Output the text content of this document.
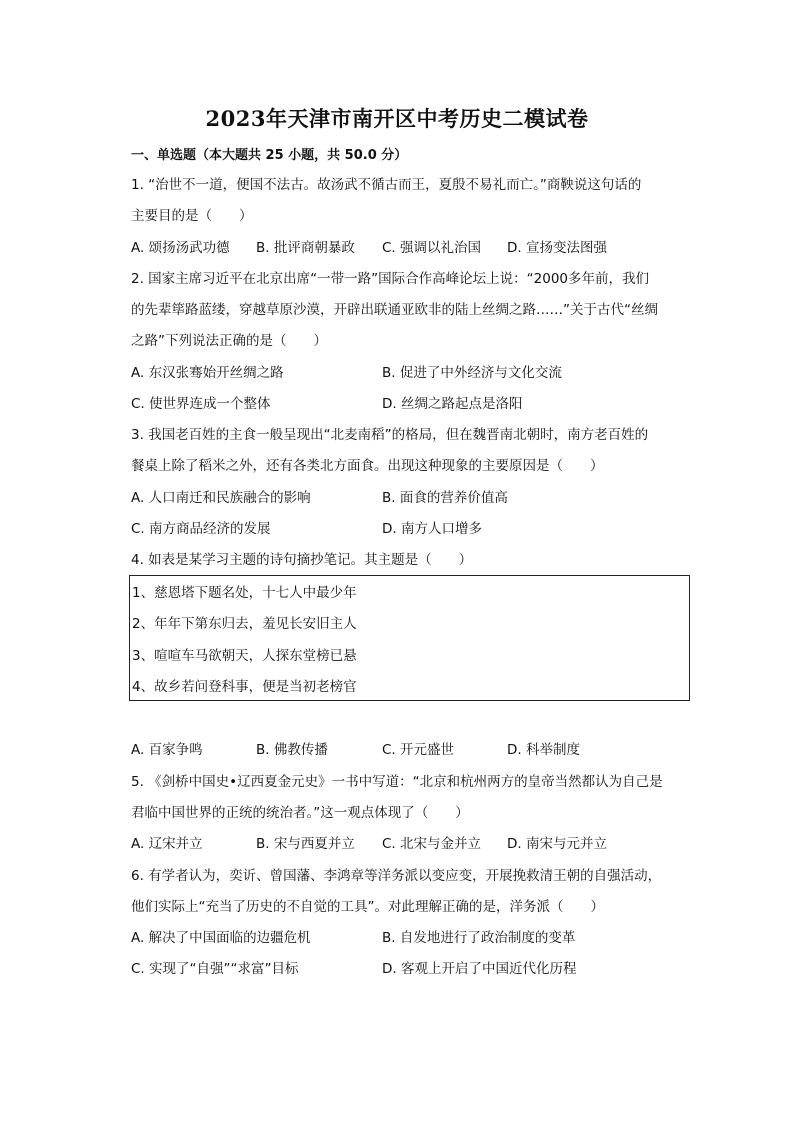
2023年天津市南开区中考历史二模试卷
一、单选题（本大题共 25 小题，共 50.0 分）
1. “治世不一道，便国不法古。故汤武不循古而王，夏殷不易礼而亡。”商鞅说这句话的
主要目的是（　　）
A. 颂扬汤武功德 B. 批评商朝暴政 C. 强调以礼治国 D. 宣扬变法图强
2. 国家主席习近平在北京出席“一带一路”国际合作高峰论坛上说：“2000多年前，我们
的先辈筚路蓝缕，穿越草原沙漠，开辟出联通亚欧非的陆上丝绸之路……”关于古代“丝绸
之路”下列说法正确的是（　　）
A. 东汉张骞始开丝绸之路	B. 促进了中外经济与文化交流
C. 使世界连成一个整体	D. 丝绸之路起点是洛阳
3. 我国老百姓的主食一般呈现出“北麦南稻”的格局，但在魏晋南北朝时，南方老百姓的
餐桌上除了稻米之外，还有各类北方面食。出现这种现象的主要原因是（　　）
A. 人口南迁和民族融合的影响	B. 面食的营养价值高
C. 南方商品经济的发展	D. 南方人口增多
4. 如表是某学习主题的诗句摘抄笔记。其主题是（　　）
1、慈恩塔下题名处，十七人中最少年
2、年年下第东归去，羞见长安旧主人
3、喧喧车马欲朝天，人探东堂榜已悬
4、故乡若问登科事，便是当初老榜官
A. 百家争鸣	B. 佛教传播	C. 开元盛世	D. 科举制度
5. 《剑桥中国史•辽西夏金元史》一书中写道：“北京和杭州两方的皇帝当然都认为自己是
君临中国世界的正统的统治者。”这一观点体现了（　　）
A. 辽宋并立	B. 宋与西夏并立 C. 北宋与金并立 D. 南宋与元并立
6. 有学者认为，奕䜣、曾国藩、李鸿章等洋务派以变应变，开展挽救清王朝的自强活动，
他们实际上“充当了历史的不自觉的工具”。对此理解正确的是，洋务派（　　）
A. 解决了中国面临的边疆危机	B. 自发地进行了政治制度的变革
C. 实现了“自强”“求富”目标	D. 客观上开启了中国近代化历程
